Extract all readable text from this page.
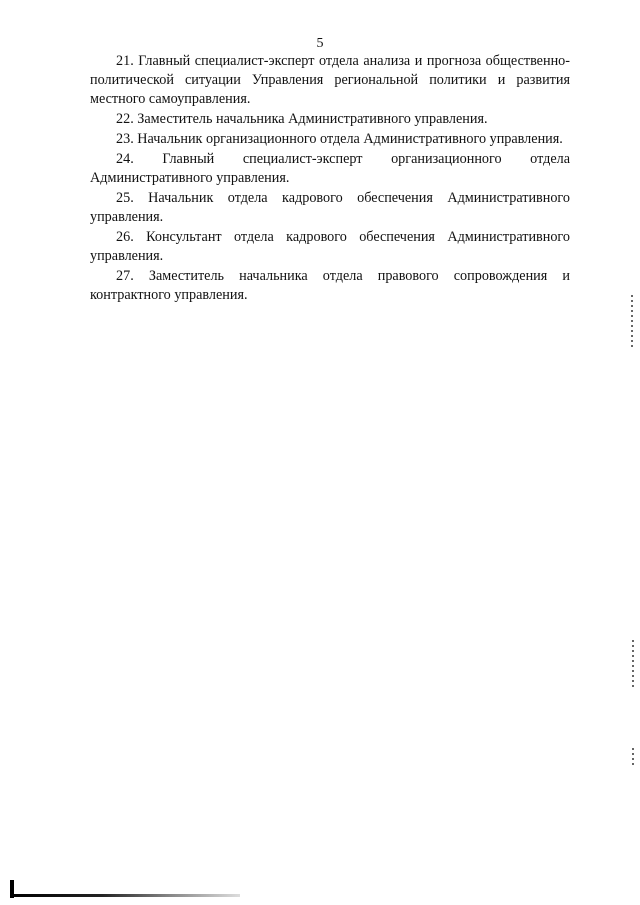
5

21. Главный специалист-эксперт отдела анализа и прогноза общественно-политической ситуации Управления региональной политики и развития местного самоуправления.

22. Заместитель начальника Административного управления.

23. Начальник организационного отдела Административного управления.

24. Главный специалист-эксперт организационного отдела Административного управления.

25. Начальник отдела кадрового обеспечения Административного управления.

26. Консультант отдела кадрового обеспечения Административного управления.

27. Заместитель начальника отдела правового сопровождения и контрактного управления.
